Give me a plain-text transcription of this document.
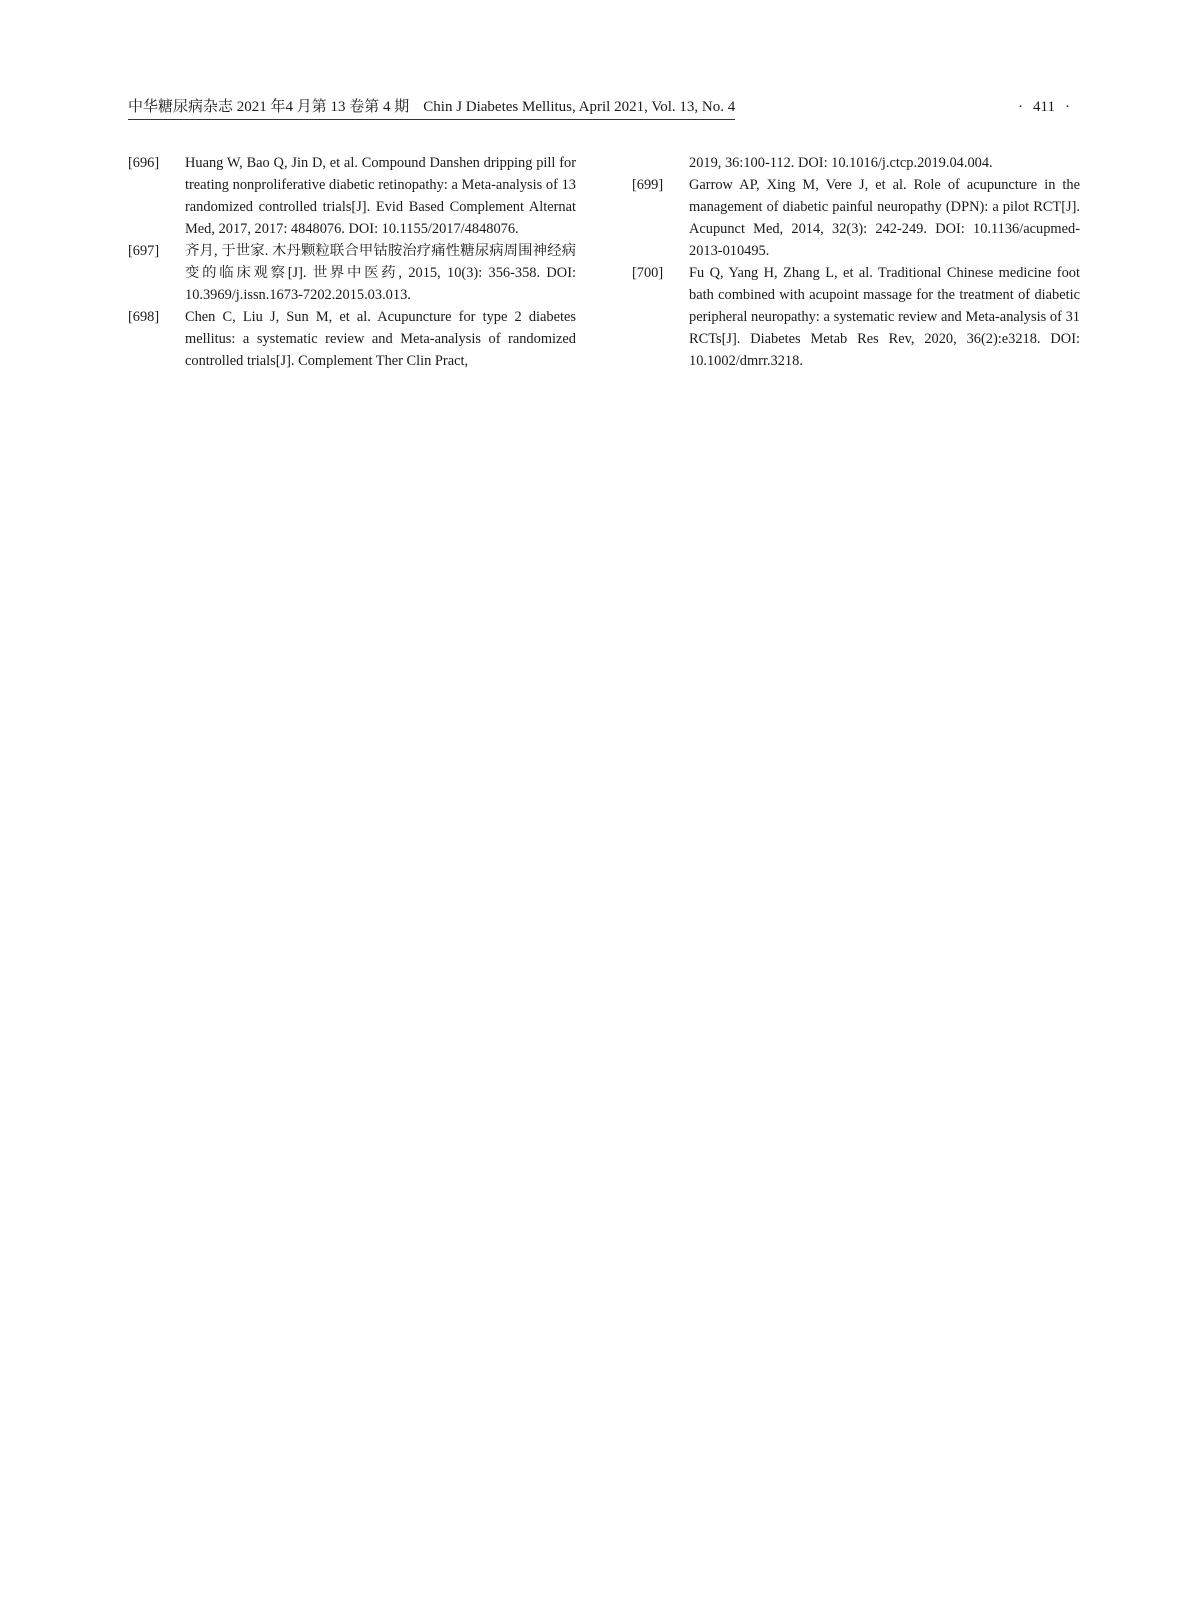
中华糖尿病杂志 2021 年4 月第 13 卷第 4 期 Chin J Diabetes Mellitus, April 2021, Vol. 13, No. 4	· 411 ·
[696] Huang W, Bao Q, Jin D, et al. Compound Danshen dripping pill for treating nonproliferative diabetic retinopathy: a Meta-analysis of 13 randomized controlled trials[J]. Evid Based Complement Alternat Med, 2017, 2017: 4848076. DOI: 10.1155/2017/4848076.
[697] 齐月, 于世家. 木丹颗粒联合甲钴胺治疗痛性糖尿病周围神经病变的临床观察[J]. 世界中医药, 2015, 10(3): 356-358. DOI: 10.3969/j.issn.1673-7202.2015.03.013.
[698] Chen C, Liu J, Sun M, et al. Acupuncture for type 2 diabetes mellitus: a systematic review and Meta-analysis of randomized controlled trials[J]. Complement Ther Clin Pract,
2019, 36:100-112. DOI: 10.1016/j.ctcp.2019.04.004.
[699] Garrow AP, Xing M, Vere J, et al. Role of acupuncture in the management of diabetic painful neuropathy (DPN): a pilot RCT[J]. Acupunct Med, 2014, 32(3): 242-249. DOI: 10.1136/acupmed-2013-010495.
[700] Fu Q, Yang H, Zhang L, et al. Traditional Chinese medicine foot bath combined with acupoint massage for the treatment of diabetic peripheral neuropathy: a systematic review and Meta-analysis of 31 RCTs[J]. Diabetes Metab Res Rev, 2020, 36(2):e3218. DOI: 10.1002/dmrr.3218.
